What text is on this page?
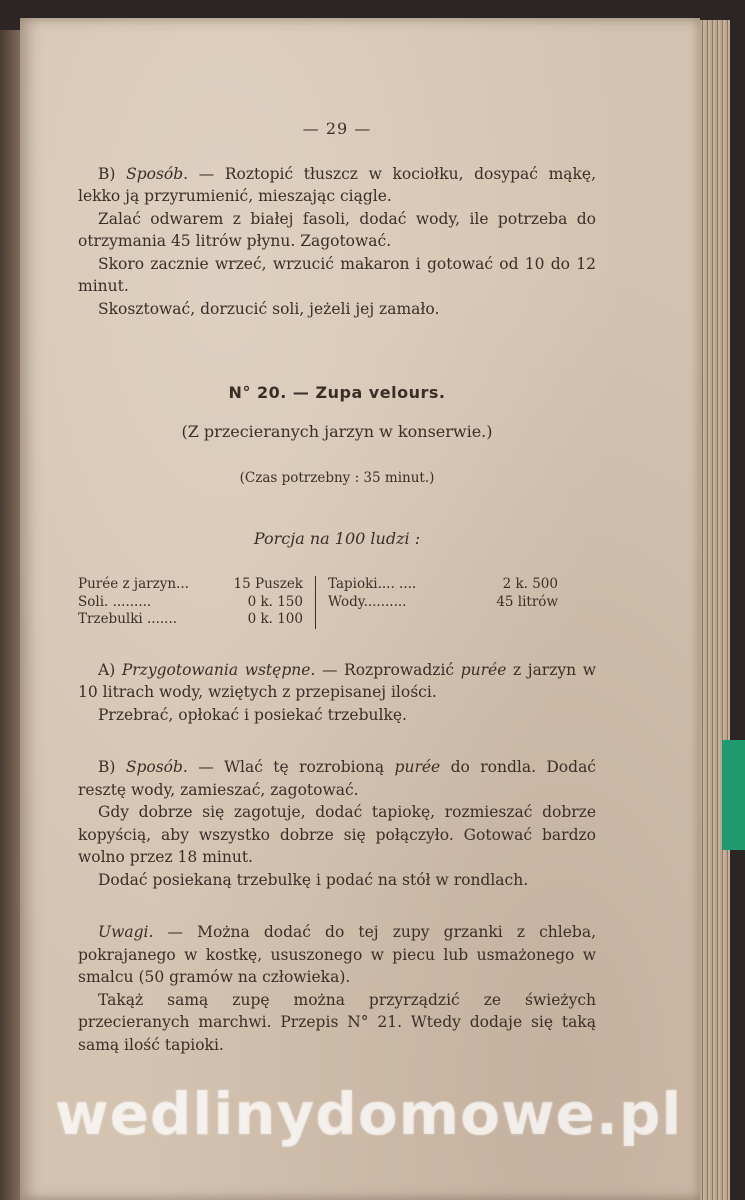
— 29 —

B) Sposób. — Roztopić tłuszcz w kociołku, dosypać mąkę, lekko ją przyrumienić, mieszając ciągle.

Zalać odwarem z białej fasoli, dodać wody, ile potrzeba do otrzymania 45 litrów płynu. Zagotować.

Skoro zacznie wrzeć, wrzucić makaron i gotować od 10 do 12 minut.

Skosztować, dorzucić soli, jeżeli jej zamało.

N° 20. — Zupa velours.
(Z przecieranych jarzyn w konserwie.)
(Czas potrzebny : 35 minut.)
Porcja na 100 ludzi :
Purée z jarzyn...	15 Puszek
Soli. .........	0 k. 150
Trzebulki .......	0 k. 100
Tapioki.... ....	2 k. 500
Wody..........	45 litrów

A) Przygotowania wstępne. — Rozprowadzić purée z jarzyn w 10 litrach wody, wziętych z przepisanej ilości.

Przebrać, opłokać i posiekać trzebulkę.

B) Sposób. — Wlać tę rozrobioną purée do rondla. Dodać resztę wody, zamieszać, zagotować.

Gdy dobrze się zagotuje, dodać tapiokę, rozmieszać dobrze kopyścią, aby wszystko dobrze się połączyło. Gotować bardzo wolno przez 18 minut.

Dodać posiekaną trzebulkę i podać na stół w rondlach.

Uwagi. — Można dodać do tej zupy grzanki z chleba, pokrajanego w kostkę, ususzonego w piecu lub usmażonego w smalcu (50 gramów na człowieka).

Takąż samą zupę można przyrządzić ze świeżych przecieranych marchwi. Przepis N° 21. Wtedy dodaje się taką samą ilość tapioki.

wedlinydomowe.pl
